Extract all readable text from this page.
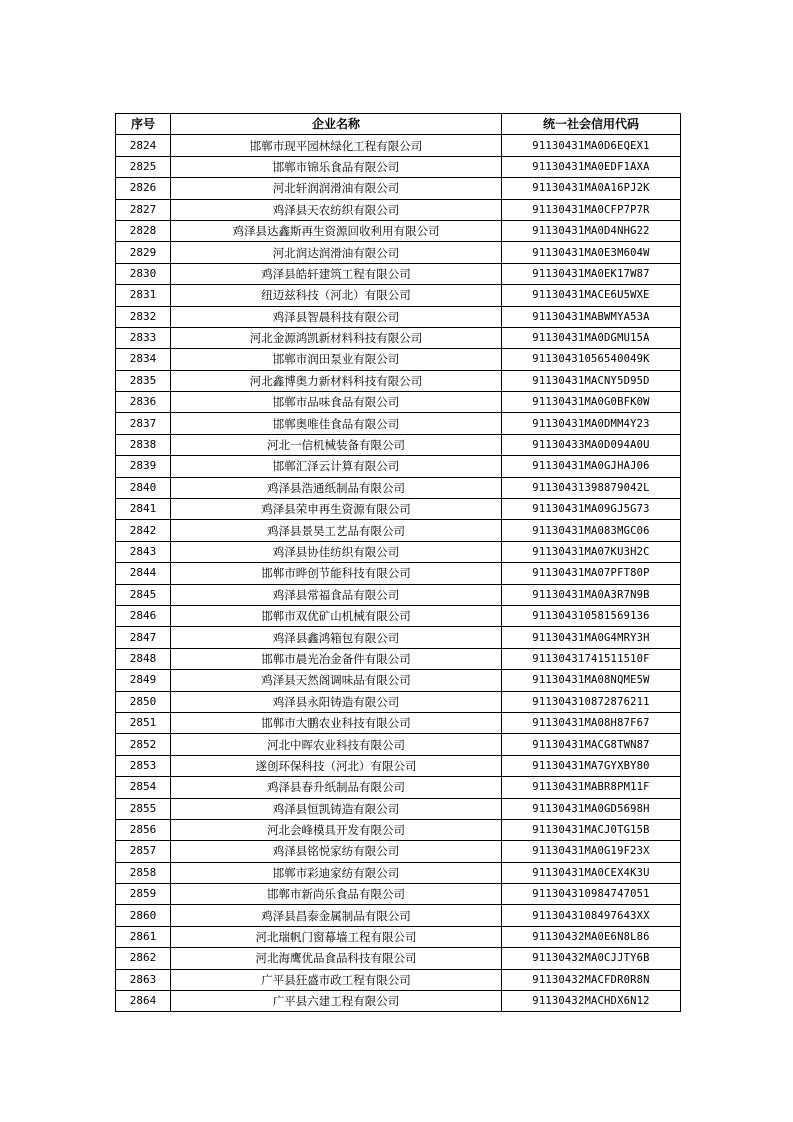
序号	企业名称	统一社会信用代码
2824	邯郸市现平园林绿化工程有限公司	91130431MA0D6EQEX1
2825	邯郸市锦乐食品有限公司	91130431MA0EDF1AXA
2826	河北轩润润滑油有限公司	91130431MA0A16PJ2K
2827	鸡泽县天农纺织有限公司	91130431MA0CFP7P7R
2828	鸡泽县达鑫斯再生资源回收利用有限公司	91130431MA0D4NHG22
2829	河北润达润滑油有限公司	91130431MA0E3M604W
2830	鸡泽县皓轩建筑工程有限公司	91130431MA0EK17W87
2831	纽迈兹科技（河北）有限公司	91130431MACE6U5WXE
2832	鸡泽县智晨科技有限公司	91130431MABWMYA53A
2833	河北金源鸿凯新材料科技有限公司	91130431MA0DGMU15A
2834	邯郸市润田泵业有限公司	91130431056540049K
2835	河北鑫博奥力新材料科技有限公司	91130431MACNY5D95D
2836	邯郸市品味食品有限公司	91130431MA0G0BFK0W
2837	邯郸奥唯佳食品有限公司	91130431MA0DMM4Y23
2838	河北一信机械装备有限公司	91130433MA0D094A0U
2839	邯郸汇泽云计算有限公司	91130431MA0GJHAJ06
2840	鸡泽县浩通纸制品有限公司	91130431398879042L
2841	鸡泽县荣申再生资源有限公司	91130431MA09GJ5G73
2842	鸡泽县景昊工艺品有限公司	91130431MA083MGC06
2843	鸡泽县协佳纺织有限公司	91130431MA07KU3H2C
2844	邯郸市晔创节能科技有限公司	91130431MA07PFT80P
2845	鸡泽县常福食品有限公司	91130431MA0A3R7N9B
2846	邯郸市双优矿山机械有限公司	911304310581569136
2847	鸡泽县鑫鸿箱包有限公司	91130431MA0G4MRY3H
2848	邯郸市晨光冶金备件有限公司	91130431741511510F
2849	鸡泽县天然阁调味品有限公司	91130431MA08NQME5W
2850	鸡泽县永阳铸造有限公司	911304310872876211
2851	邯郸市大鹏农业科技有限公司	91130431MA08H87F67
2852	河北中晖农业科技有限公司	91130431MACG8TWN87
2853	遂创环保科技（河北）有限公司	91130431MA7GYXBY80
2854	鸡泽县春升纸制品有限公司	91130431MABR8PM11F
2855	鸡泽县恒凯铸造有限公司	91130431MA0GD5698H
2856	河北会峰模具开发有限公司	91130431MACJ0TG15B
2857	鸡泽县铭悦家纺有限公司	91130431MA0G19F23X
2858	邯郸市彩迪家纺有限公司	91130431MA0CEX4K3U
2859	邯郸市新尚乐食品有限公司	911304310984747051
2860	鸡泽县昌泰金属制品有限公司	9113043108497643XX
2861	河北瑞帆门窗幕墙工程有限公司	91130432MA0E6N8L86
2862	河北海鹰优品食品科技有限公司	91130432MA0CJJTY6B
2863	广平县狂盛市政工程有限公司	91130432MACFDR0R8N
2864	广平县六建工程有限公司	91130432MACHDX6N12
